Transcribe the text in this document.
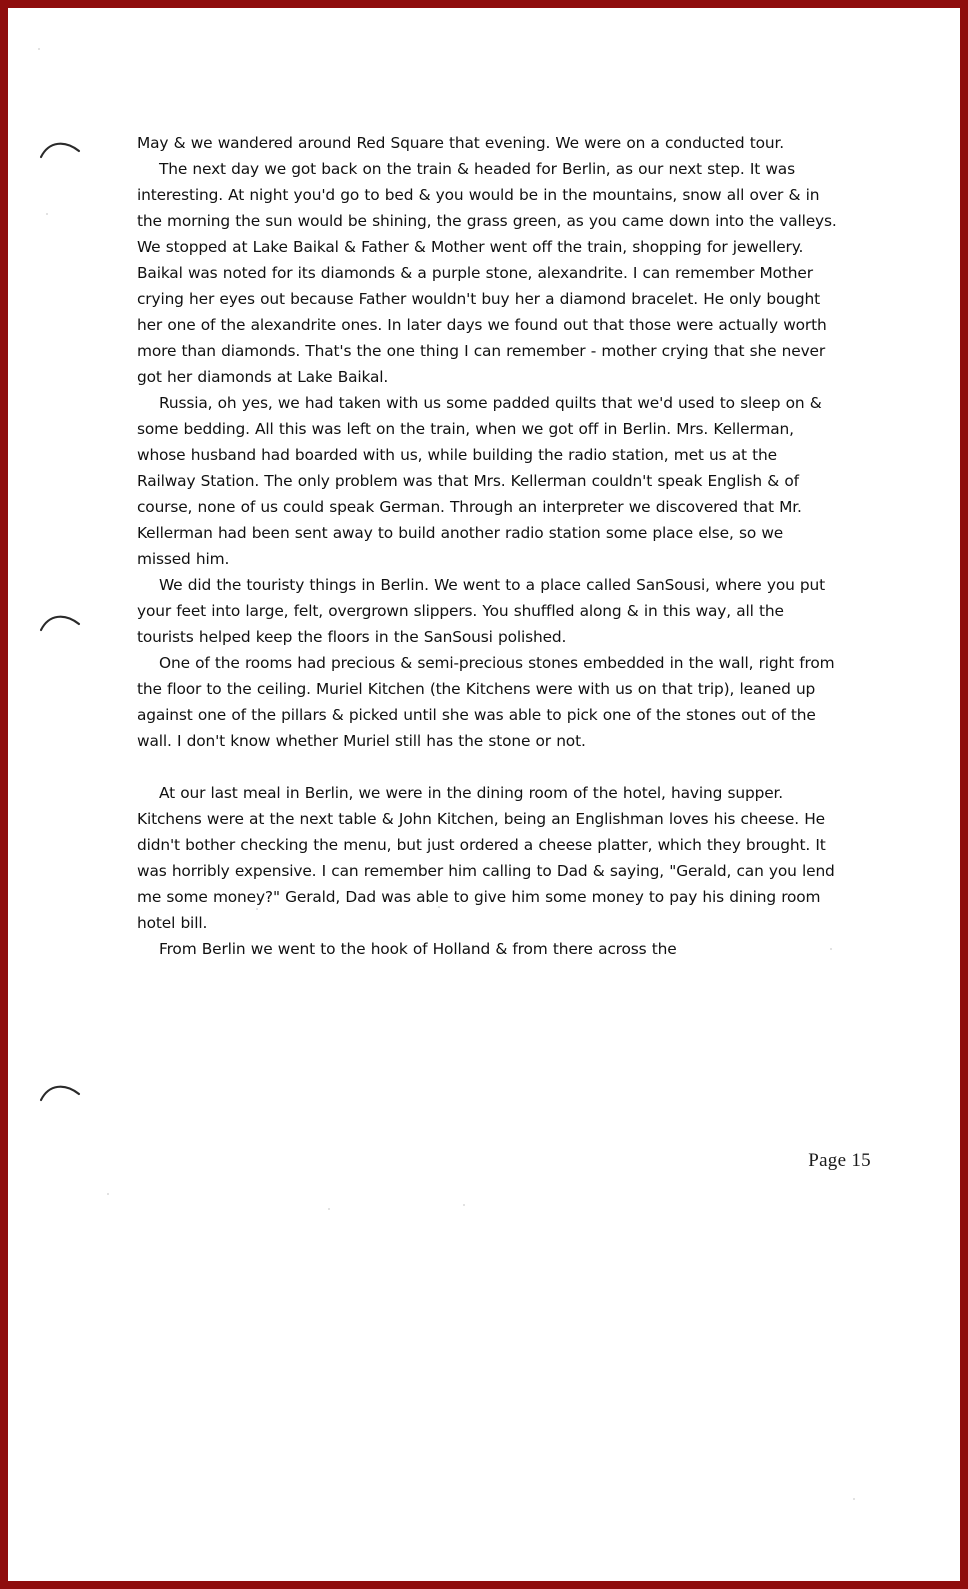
May & we wandered around Red Square that evening. We were on a conducted tour.

The next day we got back on the train & headed for Berlin, as our next step. It was interesting. At night you'd go to bed & you would be in the mountains, snow all over & in the morning the sun would be shining, the grass green, as you came down into the valleys. We stopped at Lake Baikal & Father & Mother went off the train, shopping for jewellery. Baikal was noted for its diamonds & a purple stone, alexandrite. I can remember Mother crying her eyes out because Father wouldn't buy her a diamond bracelet. He only bought her one of the alexandrite ones. In later days we found out that those were actually worth more than diamonds. That's the one thing I can remember - mother crying that she never got her diamonds at Lake Baikal.

Russia, oh yes, we had taken with us some padded quilts that we'd used to sleep on & some bedding. All this was left on the train, when we got off in Berlin. Mrs. Kellerman, whose husband had boarded with us, while building the radio station, met us at the Railway Station. The only problem was that Mrs. Kellerman couldn't speak English & of course, none of us could speak German. Through an interpreter we discovered that Mr. Kellerman had been sent away to build another radio station some place else, so we missed him.

We did the touristy things in Berlin. We went to a place called SanSousi, where you put your feet into large, felt, overgrown slippers. You shuffled along & in this way, all the tourists helped keep the floors in the SanSousi polished.

One of the rooms had precious & semi-precious stones embedded in the wall, right from the floor to the ceiling. Muriel Kitchen (the Kitchens were with us on that trip), leaned up against one of the pillars & picked until she was able to pick one of the stones out of the wall. I don't know whether Muriel still has the stone or not.

At our last meal in Berlin, we were in the dining room of the hotel, having supper. Kitchens were at the next table & John Kitchen, being an Englishman loves his cheese. He didn't bother checking the menu, but just ordered a cheese platter, which they brought. It was horribly expensive. I can remember him calling to Dad & saying, "Gerald, can you lend me some money?" Gerald, Dad was able to give him some money to pay his dining room hotel bill.

From Berlin we went to the hook of Holland & from there across the

Page 15
